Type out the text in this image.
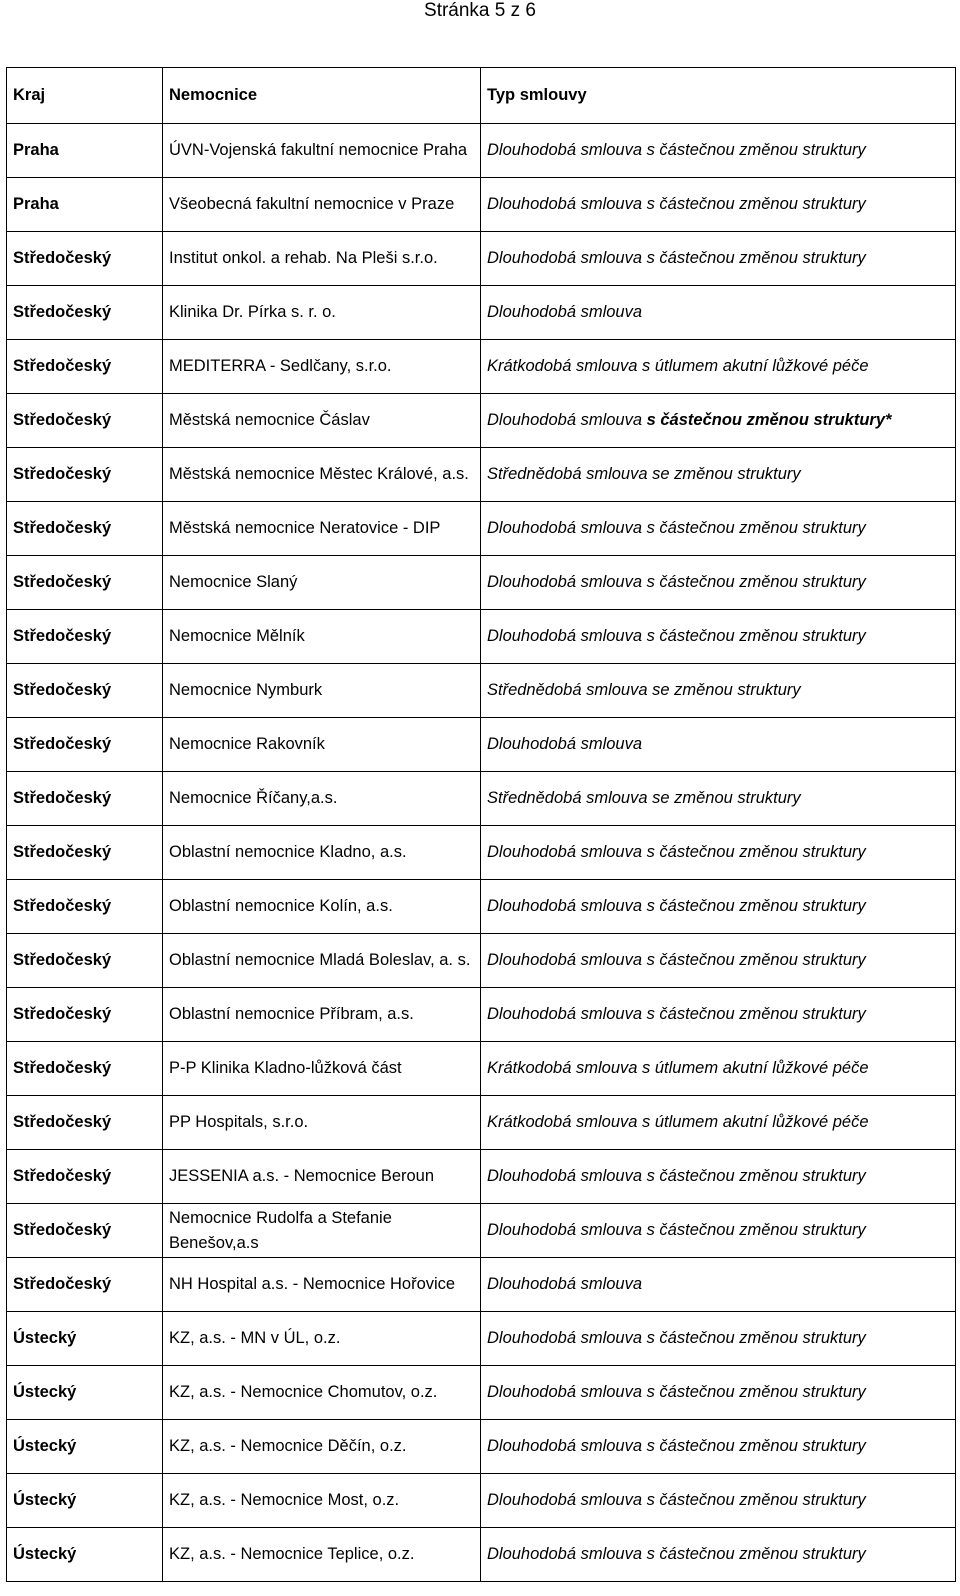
Stránka 5 z 6
Kraj	Nemocnice	Typ smlouvy
Praha	ÚVN-Vojenská fakultní nemocnice Praha	Dlouhodobá smlouva s částečnou změnou struktury
Praha	Všeobecná fakultní nemocnice v Praze	Dlouhodobá smlouva s částečnou změnou struktury
Středočeský	Institut onkol. a rehab. Na Pleši s.r.o.	Dlouhodobá smlouva s částečnou změnou struktury
Středočeský	Klinika Dr. Pírka s. r. o.	Dlouhodobá smlouva
Středočeský	MEDITERRA - Sedlčany, s.r.o.	Krátkodobá smlouva s útlumem akutní lůžkové péče
Středočeský	Městská nemocnice Čáslav	Dlouhodobá smlouva s částečnou změnou struktury*
Středočeský	Městská nemocnice Městec Králové, a.s.	Střednědobá smlouva se změnou struktury
Středočeský	Městská nemocnice Neratovice - DIP	Dlouhodobá smlouva s částečnou změnou struktury
Středočeský	Nemocnice Slaný	Dlouhodobá smlouva s částečnou změnou struktury
Středočeský	Nemocnice Mělník	Dlouhodobá smlouva s částečnou změnou struktury
Středočeský	Nemocnice Nymburk	Střednědobá smlouva se změnou struktury
Středočeský	Nemocnice Rakovník	Dlouhodobá smlouva
Středočeský	Nemocnice Říčany,a.s.	Střednědobá smlouva se změnou struktury
Středočeský	Oblastní nemocnice Kladno, a.s.	Dlouhodobá smlouva s částečnou změnou struktury
Středočeský	Oblastní nemocnice Kolín, a.s.	Dlouhodobá smlouva s částečnou změnou struktury
Středočeský	Oblastní nemocnice Mladá Boleslav, a. s.	Dlouhodobá smlouva s částečnou změnou struktury
Středočeský	Oblastní nemocnice Příbram, a.s.	Dlouhodobá smlouva s částečnou změnou struktury
Středočeský	P-P Klinika Kladno-lůžková část	Krátkodobá smlouva s útlumem akutní lůžkové péče
Středočeský	PP Hospitals, s.r.o.	Krátkodobá smlouva s útlumem akutní lůžkové péče
Středočeský	JESSENIA a.s. - Nemocnice Beroun	Dlouhodobá smlouva s částečnou změnou struktury
Středočeský	Nemocnice Rudolfa a Stefanie Benešov,a.s	Dlouhodobá smlouva s částečnou změnou struktury
Středočeský	NH Hospital a.s. - Nemocnice Hořovice	Dlouhodobá smlouva
Ústecký	KZ, a.s. - MN v ÚL, o.z.	Dlouhodobá smlouva s částečnou změnou struktury
Ústecký	KZ, a.s. - Nemocnice Chomutov, o.z.	Dlouhodobá smlouva s částečnou změnou struktury
Ústecký	KZ, a.s. - Nemocnice Děčín, o.z.	Dlouhodobá smlouva s částečnou změnou struktury
Ústecký	KZ, a.s. - Nemocnice Most, o.z.	Dlouhodobá smlouva s částečnou změnou struktury
Ústecký	KZ, a.s. - Nemocnice Teplice, o.z.	Dlouhodobá smlouva s částečnou změnou struktury
